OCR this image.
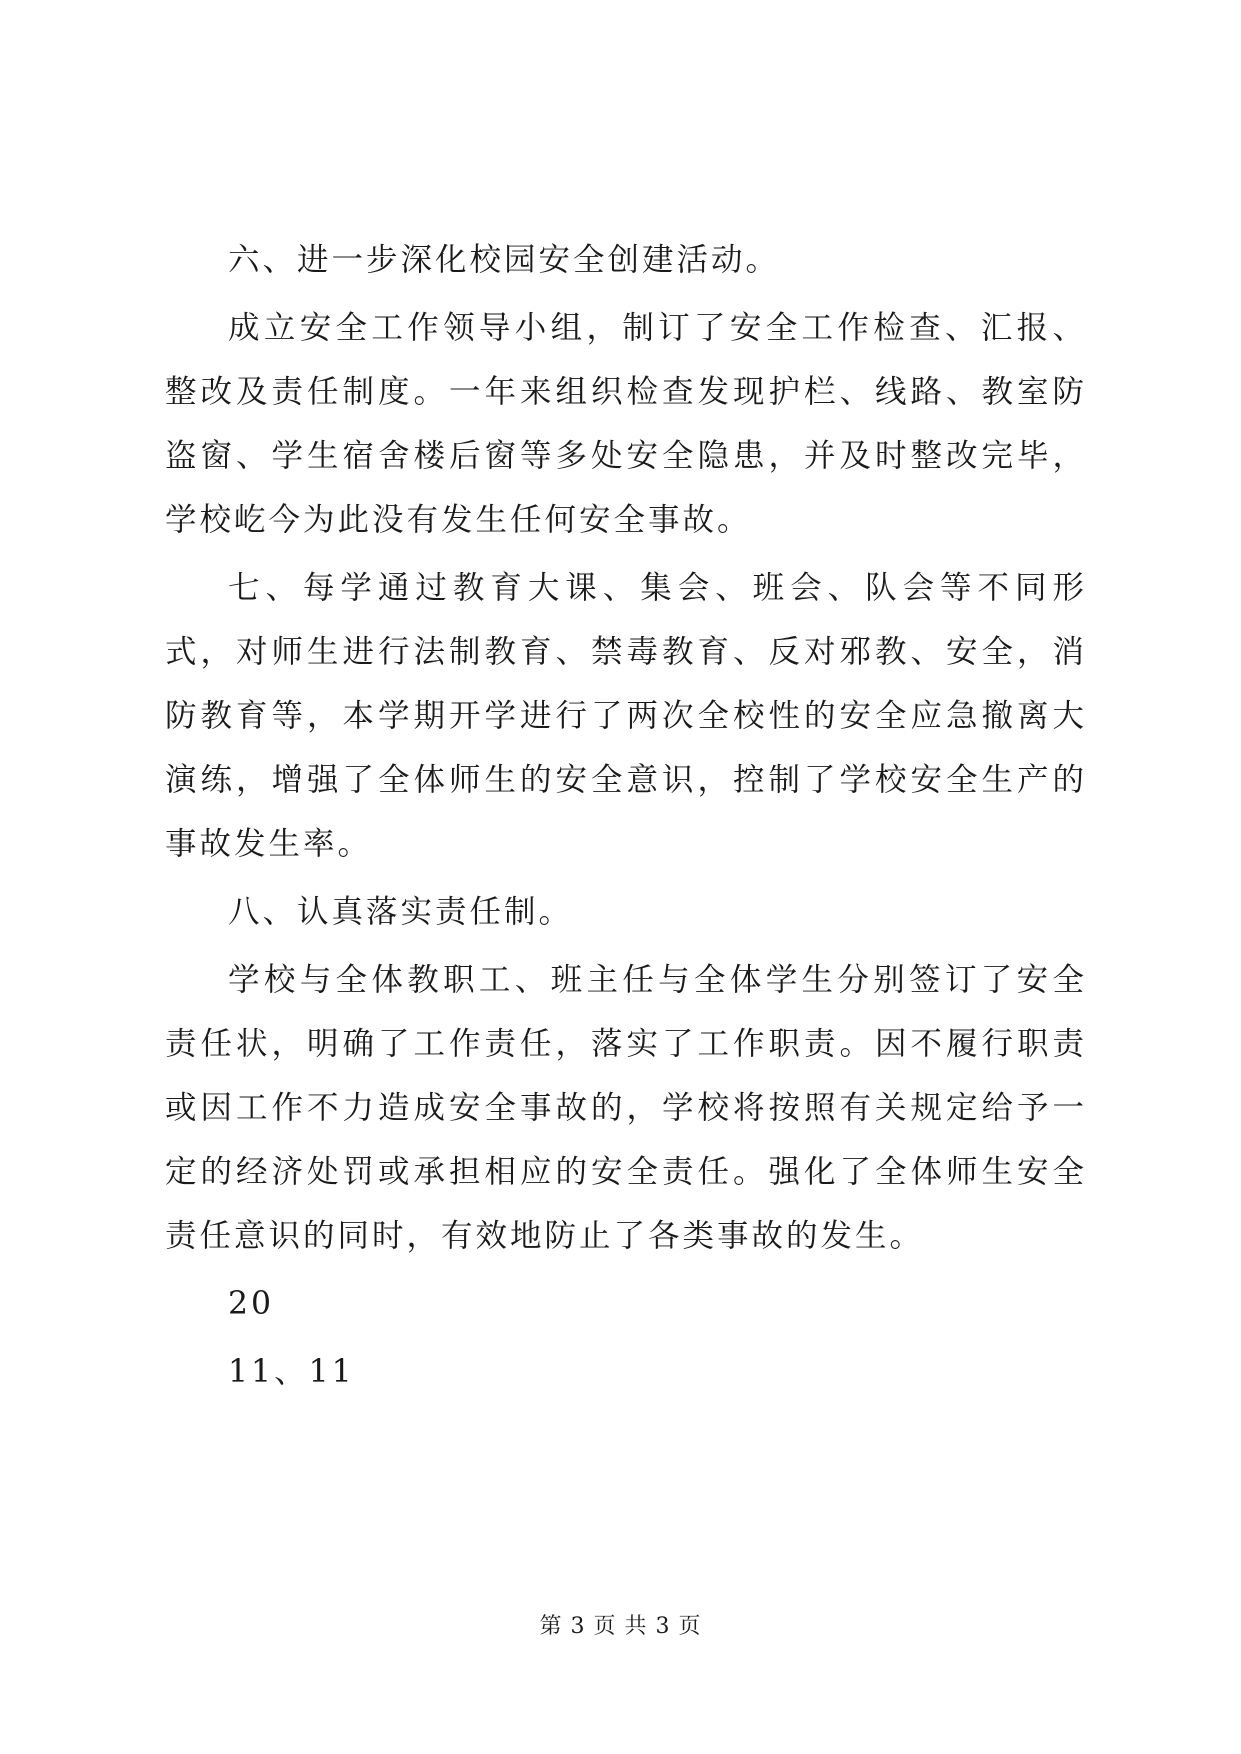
六、进一步深化校园安全创建活动。

成立安全工作领导小组，制订了安全工作检查、汇报、整改及责任制度。一年来组织检查发现护栏、线路、教室防盗窗、学生宿舍楼后窗等多处安全隐患，并及时整改完毕，学校屹今为此没有发生任何安全事故。

七、每学通过教育大课、集会、班会、队会等不同形式，对师生进行法制教育、禁毒教育、反对邪教、安全，消防教育等，本学期开学进行了两次全校性的安全应急撤离大演练，增强了全体师生的安全意识，控制了学校安全生产的事故发生率。

八、认真落实责任制。

学校与全体教职工、班主任与全体学生分别签订了安全责任状，明确了工作责任，落实了工作职责。因不履行职责或因工作不力造成安全事故的，学校将按照有关规定给予一定的经济处罚或承担相应的安全责任。强化了全体师生安全责任意识的同时，有效地防止了各类事故的发生。

20

11、11

第 3 页 共 3 页
